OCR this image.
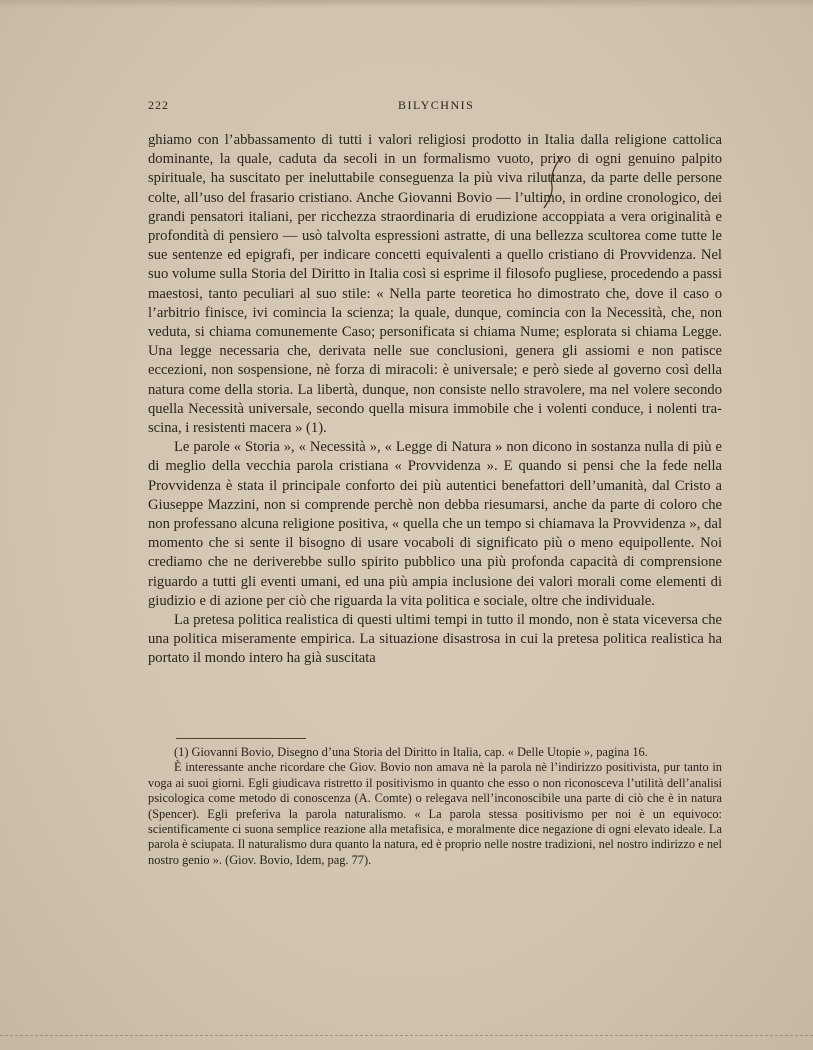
222	BILYCHNIS

ghiamo con l’abbassamento di tutti i valori religiosi prodotto in Italia dalla religione cattolica dominante, la quale, caduta da secoli in un formalismo vuoto, privo di ogni genuino palpito spirituale, ha suscitato per ineluttabile conseguenza la più viva riluttanza, da parte delle persone colte, all’uso del frasario cristiano. Anche Giovanni Bovio — l’ultimo, in ordine cronologico, dei grandi pensatori italiani, per ricchezza straordinaria di erudizione accoppiata a vera originalità e profondità di pensiero — usò talvolta espressioni astratte, di una bellezza scultorea come tutte le sue sentenze ed epigrafi, per indicare concetti equivalenti a quello cristiano di Provvidenza. Nel suo volume sulla Storia del Diritto in Italia così si esprime il filosofo pugliese, procedendo a passi maestosi, tanto peculiari al suo stile: « Nella parte teoretica ho dimostrato che, dove il caso o l’arbitrio finisce, ivi comincia la scienza; la quale, dunque, comincia con la Necessità, che, non veduta, si chiama comunemente Caso; personificata si chiama Nume; esplorata si chiama Legge. Una legge necessaria che, derivata nelle sue conclusioni, genera gli assiomi e non patisce eccezioni, non sospensione, nè forza di miracoli: è universale; e però siede al governo così della natura come della storia. La libertà, dunque, non consiste nello stravolere, ma nel volere secondo quella Necessità universale, secondo quella misura immobile che i volenti conduce, i nolenti trascina, i resistenti macera » (1).

Le parole « Storia », « Necessità », « Legge di Natura » non dicono in sostanza nulla di più e di meglio della vecchia parola cristiana « Provvidenza ». E quando si pensi che la fede nella Provvidenza è stata il principale conforto dei più autentici benefattori dell’umanità, dal Cristo a Giuseppe Mazzini, non si comprende perchè non debba riesumarsi, anche da parte di coloro che non professano alcuna religione positiva, « quella che un tempo si chiamava la Provvidenza », dal momento che si sente il bisogno di usare vocaboli di significato più o meno equipollente. Noi crediamo che ne deriverebbe sullo spirito pubblico una più profonda capacità di comprensione riguardo a tutti gli eventi umani, ed una più ampia inclusione dei valori morali come elementi di giudizio e di azione per ciò che riguarda la vita politica e sociale, oltre che individuale.

La pretesa politica realistica di questi ultimi tempi in tutto il mondo, non è stata viceversa che una politica miseramente empirica. La situazione disastrosa in cui la pretesa politica realistica ha portato il mondo intero ha già suscitata

(1) Giovanni Bovio, Disegno d’una Storia del Diritto in Italia, cap. « Delle Utopie », pagina 16.

È interessante anche ricordare che Giov. Bovio non amava nè la parola nè l’indirizzo positivista, pur tanto in voga ai suoi giorni. Egli giudicava ristretto il positivismo in quanto che esso o non riconosceva l’utilità dell’analisi psicologica come metodo di conoscenza (A. Comte) o relegava nell’inconoscibile una parte di ciò che è in natura (Spencer). Egli preferiva la parola naturalismo. « La parola stessa positivismo per noi è un equivoco: scientificamente ci suona semplice reazione alla metafisica, e moralmente dice negazione di ogni elevato ideale. La parola è sciupata. Il naturalismo dura quanto la natura, ed è proprio nelle nostre tradizioni, nel nostro indirizzo e nel nostro genio ». (Giov. Bovio, Idem, pag. 77).
